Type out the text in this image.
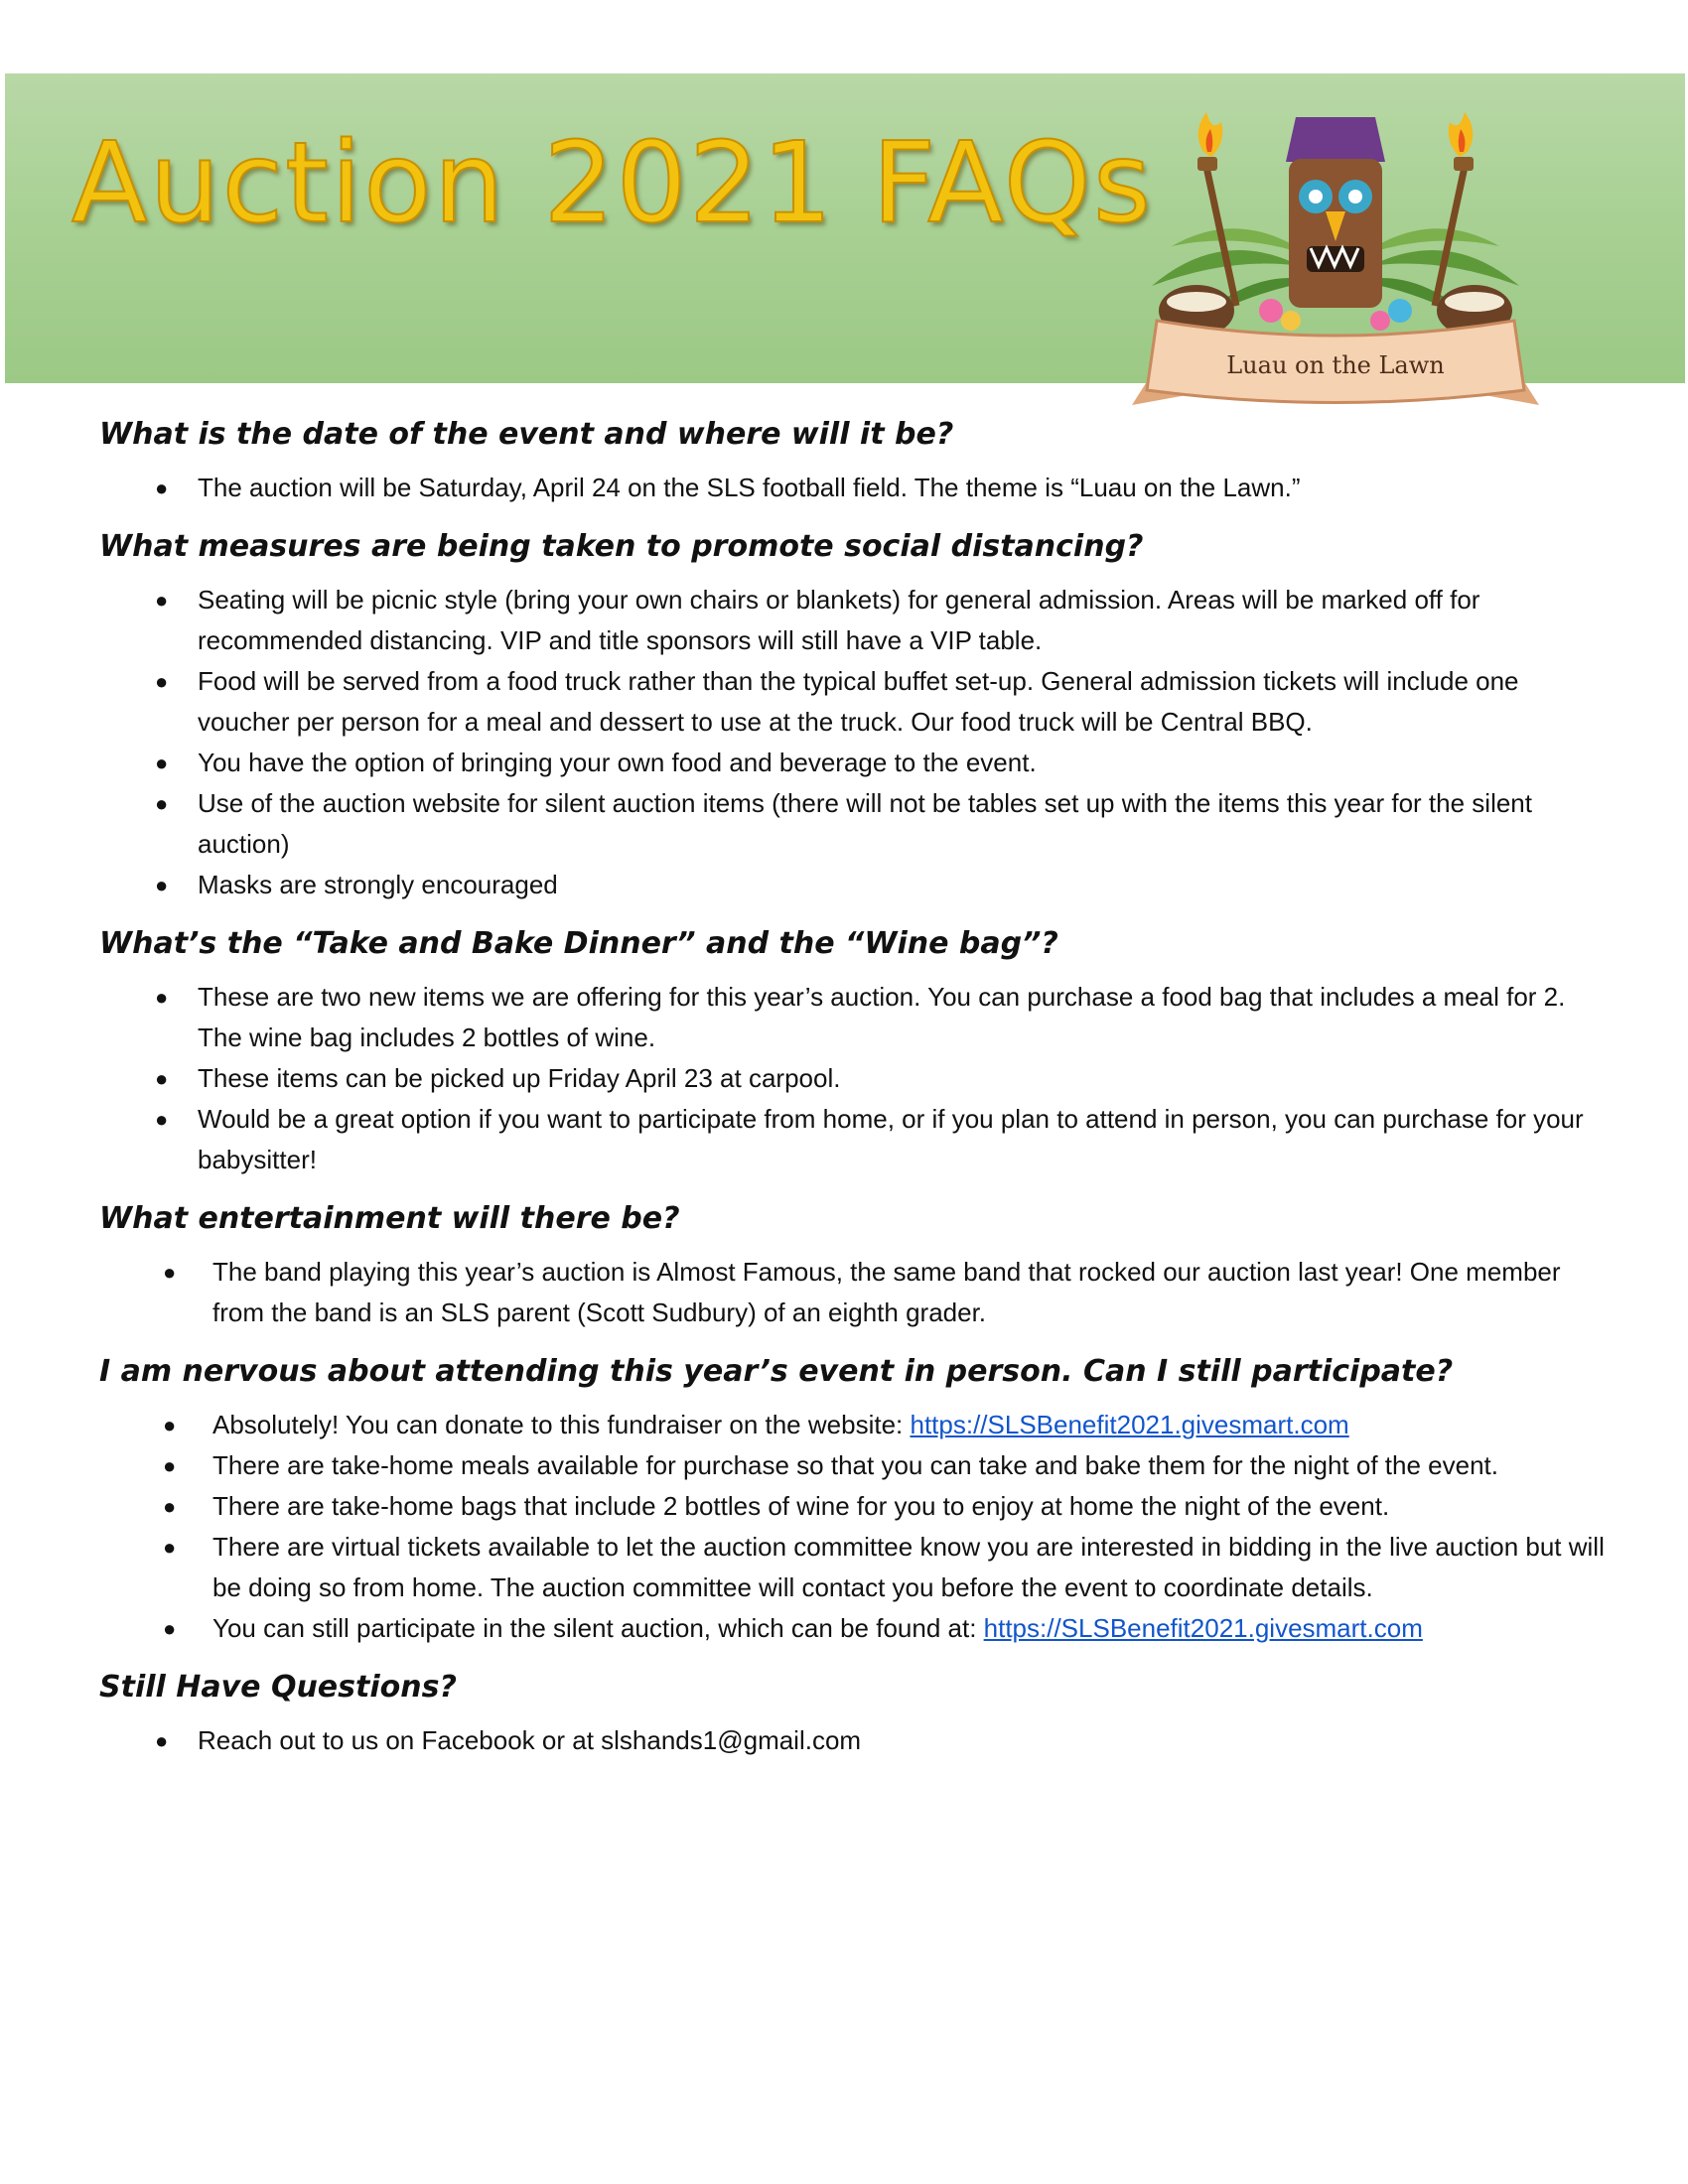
Auction 2021 FAQs
Luau on the Lawn
What is the date of the event and where will it be?
● The auction will be Saturday, April 24 on the SLS football field. The theme is “Luau on the Lawn.”
What measures are being taken to promote social distancing?
● Seating will be picnic style (bring your own chairs or blankets) for general admission. Areas will be marked off for recommended distancing. VIP and title sponsors will still have a VIP table.
● Food will be served from a food truck rather than the typical buffet set-up. General admission tickets will include one voucher per person for a meal and dessert to use at the truck. Our food truck will be Central BBQ.
● You have the option of bringing your own food and beverage to the event.
● Use of the auction website for silent auction items (there will not be tables set up with the items this year for the silent auction)
● Masks are strongly encouraged
What’s the “Take and Bake Dinner” and the “Wine bag”?
● These are two new items we are offering for this year’s auction. You can purchase a food bag that includes a meal for 2. The wine bag includes 2 bottles of wine.
● These items can be picked up Friday April 23 at carpool.
● Would be a great option if you want to participate from home, or if you plan to attend in person, you can purchase for your babysitter!
What entertainment will there be?
● The band playing this year’s auction is Almost Famous, the same band that rocked our auction last year! One member from the band is an SLS parent (Scott Sudbury) of an eighth grader.
I am nervous about attending this year’s event in person. Can I still participate?
● Absolutely! You can donate to this fundraiser on the website: https://SLSBenefit2021.givesmart.com
● There are take-home meals available for purchase so that you can take and bake them for the night of the event.
● There are take-home bags that include 2 bottles of wine for you to enjoy at home the night of the event.
● There are virtual tickets available to let the auction committee know you are interested in bidding in the live auction but will be doing so from home. The auction committee will contact you before the event to coordinate details.
● You can still participate in the silent auction, which can be found at: https://SLSBenefit2021.givesmart.com
Still Have Questions?
● Reach out to us on Facebook or at slshands1@gmail.com
